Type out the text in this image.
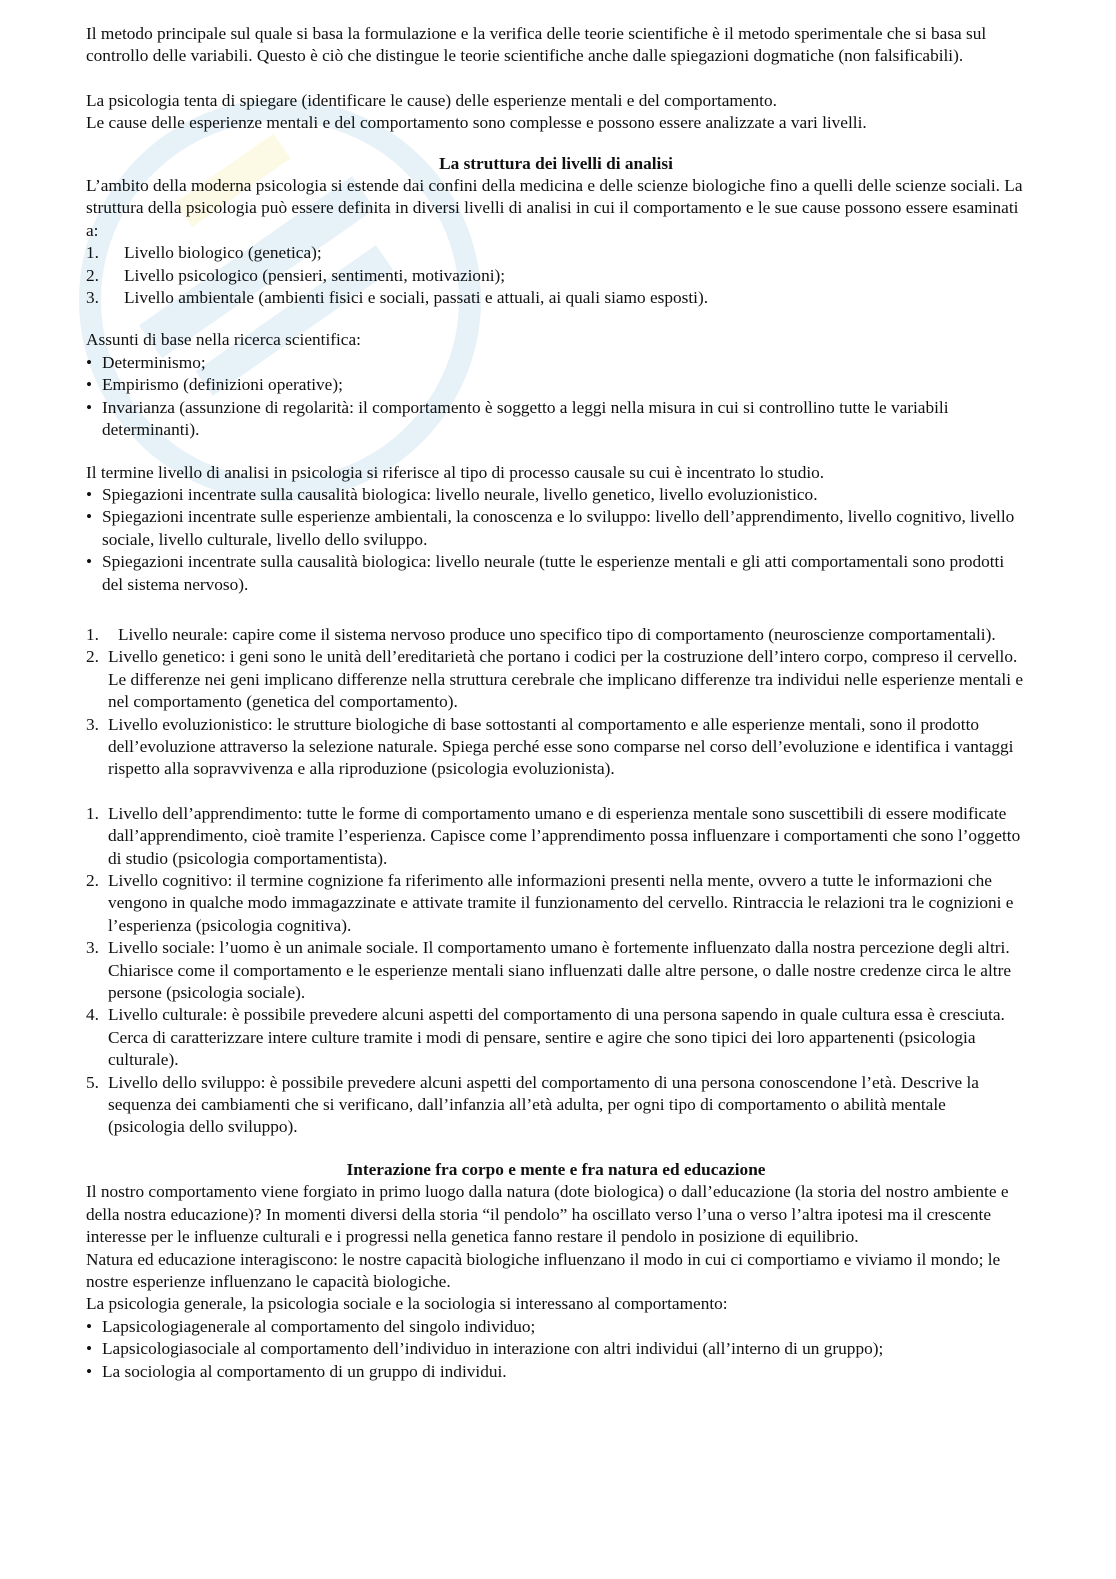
Il metodo principale sul quale si basa la formulazione e la verifica delle teorie scientifiche è il metodo sperimentale che si basa sul controllo delle variabili. Questo è ciò che distingue le teorie scientifiche anche dalle spiegazioni dogmatiche (non falsificabili).

La psicologia tenta di spiegare (identificare le cause) delle esperienze mentali e del comportamento.

Le cause delle esperienze mentali e del comportamento sono complesse e possono essere analizzate a vari livelli.

La struttura dei livelli di analisi

L’ambito della moderna psicologia si estende dai confini della medicina e delle scienze biologiche fino a quelli delle scienze sociali. La struttura della psicologia può essere definita in diversi livelli di analisi in cui il comportamento e le sue cause possono essere esaminati a:

1. Livello biologico (genetica);
2. Livello psicologico (pensieri, sentimenti, motivazioni);
3. Livello ambientale (ambienti fisici e sociali, passati e attuali, ai quali siamo esposti).

Assunti di base nella ricerca scientifica:

• Determinismo;
• Empirismo (definizioni operative);
• Invarianza (assunzione di regolarità: il comportamento è soggetto a leggi nella misura in cui si controllino tutte le variabili determinanti).

Il termine livello di analisi in psicologia si riferisce al tipo di processo causale su cui è incentrato lo studio.

• Spiegazioni incentrate sulla causalità biologica: livello neurale, livello genetico, livello evoluzionistico.
• Spiegazioni incentrate sulle esperienze ambientali, la conoscenza e lo sviluppo: livello dell’apprendimento, livello cognitivo, livello sociale, livello culturale, livello dello sviluppo.
• Spiegazioni incentrate sulla causalità biologica: livello neurale (tutte le esperienze mentali e gli atti comportamentali sono prodotti del sistema nervoso).
1. Livello neurale: capire come il sistema nervoso produce uno specifico tipo di comportamento (neuroscienze comportamentali).
2. Livello genetico: i geni sono le unità dell’ereditarietà che portano i codici per la costruzione dell’intero corpo, compreso il cervello. Le differenze nei geni implicano differenze nella struttura cerebrale che implicano differenze tra individui nelle esperienze mentali e nel comportamento (genetica del comportamento).
3. Livello evoluzionistico: le strutture biologiche di base sottostanti al comportamento e alle esperienze mentali, sono il prodotto dell’evoluzione attraverso la selezione naturale. Spiega perché esse sono comparse nel corso dell’evoluzione e identifica i vantaggi rispetto alla sopravvivenza e alla riproduzione (psicologia evoluzionista).
1. Livello dell’apprendimento: tutte le forme di comportamento umano e di esperienza mentale sono suscettibili di essere modificate dall’apprendimento, cioè tramite l’esperienza. Capisce come l’apprendimento possa influenzare i comportamenti che sono l’oggetto di studio (psicologia comportamentista).
2. Livello cognitivo: il termine cognizione fa riferimento alle informazioni presenti nella mente, ovvero a tutte le informazioni che vengono in qualche modo immagazzinate e attivate tramite il funzionamento del cervello. Rintraccia le relazioni tra le cognizioni e l’esperienza (psicologia cognitiva).
3. Livello sociale: l’uomo è un animale sociale. Il comportamento umano è fortemente influenzato dalla nostra percezione degli altri. Chiarisce come il comportamento e le esperienze mentali siano influenzati dalle altre persone, o dalle nostre credenze circa le altre persone (psicologia sociale).
4. Livello culturale: è possibile prevedere alcuni aspetti del comportamento di una persona sapendo in quale cultura essa è cresciuta. Cerca di caratterizzare intere culture tramite i modi di pensare, sentire e agire che sono tipici dei loro appartenenti (psicologia culturale).
5. Livello dello sviluppo: è possibile prevedere alcuni aspetti del comportamento di una persona conoscendone l’età. Descrive la sequenza dei cambiamenti che si verificano, dall’infanzia all’età adulta, per ogni tipo di comportamento o abilità mentale (psicologia dello sviluppo).
Interazione fra corpo e mente e fra natura ed educazione

Il nostro comportamento viene forgiato in primo luogo dalla natura (dote biologica) o dall’educazione (la storia del nostro ambiente e della nostra educazione)? In momenti diversi della storia “il pendolo” ha oscillato verso l’una o verso l’altra ipotesi ma il crescente interesse per le influenze culturali e i progressi nella genetica fanno restare il pendolo in posizione di equilibrio.

Natura ed educazione interagiscono: le nostre capacità biologiche influenzano il modo in cui ci comportiamo e viviamo il mondo; le nostre esperienze influenzano le capacità biologiche.

La psicologia generale, la psicologia sociale e la sociologia si interessano al comportamento:

• Lapsicologiagenerale al comportamento del singolo individuo;
• Lapsicologiasociale al comportamento dell’individuo in interazione con altri individui (all’interno di un gruppo);
• La sociologia al comportamento di un gruppo di individui.
